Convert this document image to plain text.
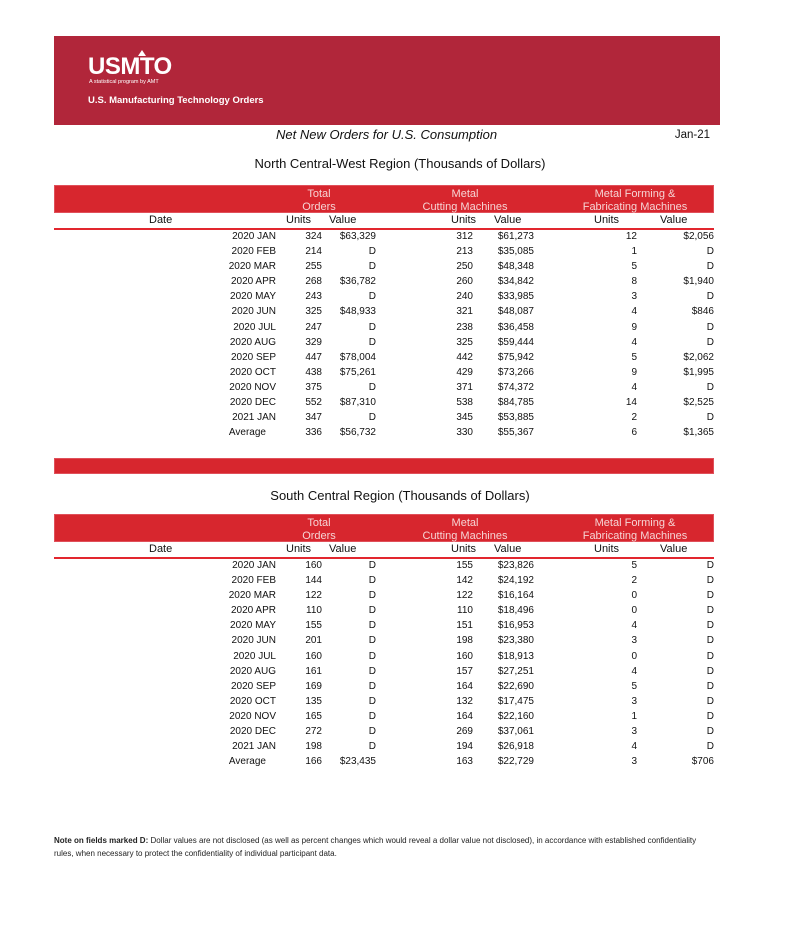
USMTO
A statistical program by AMT
U.S. Manufacturing Technology Orders
Net New Orders for U.S. Consumption	Jan-21
North Central-West Region (Thousands of Dollars)
Total
Orders
Metal
Cutting Machines
Metal Forming &
Fabricating Machines
Date	Units Value	Units Value	Units	Value
2020 JAN	324	$63,329	312	$61,273	12	$2,056
2020 FEB	214	D	213	$35,085	1	D
2020 MAR	255	D	250	$48,348	5	D
2020 APR	268	$36,782	260	$34,842	8	$1,940
2020 MAY	243	D	240	$33,985	3	D
2020 JUN	325	$48,933	321	$48,087	4	$846
2020 JUL	247	D	238	$36,458	9	D
2020 AUG	329	D	325	$59,444	4	D
2020 SEP	447	$78,004	442	$75,942	5	$2,062
2020 OCT	438	$75,261	429	$73,266	9	$1,995
2020 NOV	375	D	371	$74,372	4	D
2020 DEC	552	$87,310	538	$84,785	14	$2,525
2021 JAN	347	D	345	$53,885	2	D
Average	336	$56,732	330	$55,367	6	$1,365
South Central Region (Thousands of Dollars)
Total
Orders
Metal
Cutting Machines
Metal Forming &
Fabricating Machines
Date	Units Value	Units Value	Units	Value
2020 JAN	160	D	155	$23,826	5	D
2020 FEB	144	D	142	$24,192	2	D
2020 MAR	122	D	122	$16,164	0	D
2020 APR	110	D	110	$18,496	0	D
2020 MAY	155	D	151	$16,953	4	D
2020 JUN	201	D	198	$23,380	3	D
2020 JUL	160	D	160	$18,913	0	D
2020 AUG	161	D	157	$27,251	4	D
2020 SEP	169	D	164	$22,690	5	D
2020 OCT	135	D	132	$17,475	3	D
2020 NOV	165	D	164	$22,160	1	D
2020 DEC	272	D	269	$37,061	3	D
2021 JAN	198	D	194	$26,918	4	D
Average	166	$23,435	163	$22,729	3	$706
Note on fields marked D: Dollar values are not disclosed (as well as percent changes which would reveal a dollar value not disclosed), in accordance with established confidentiality rules, when necessary to protect the confidentiality of individual participant data.
